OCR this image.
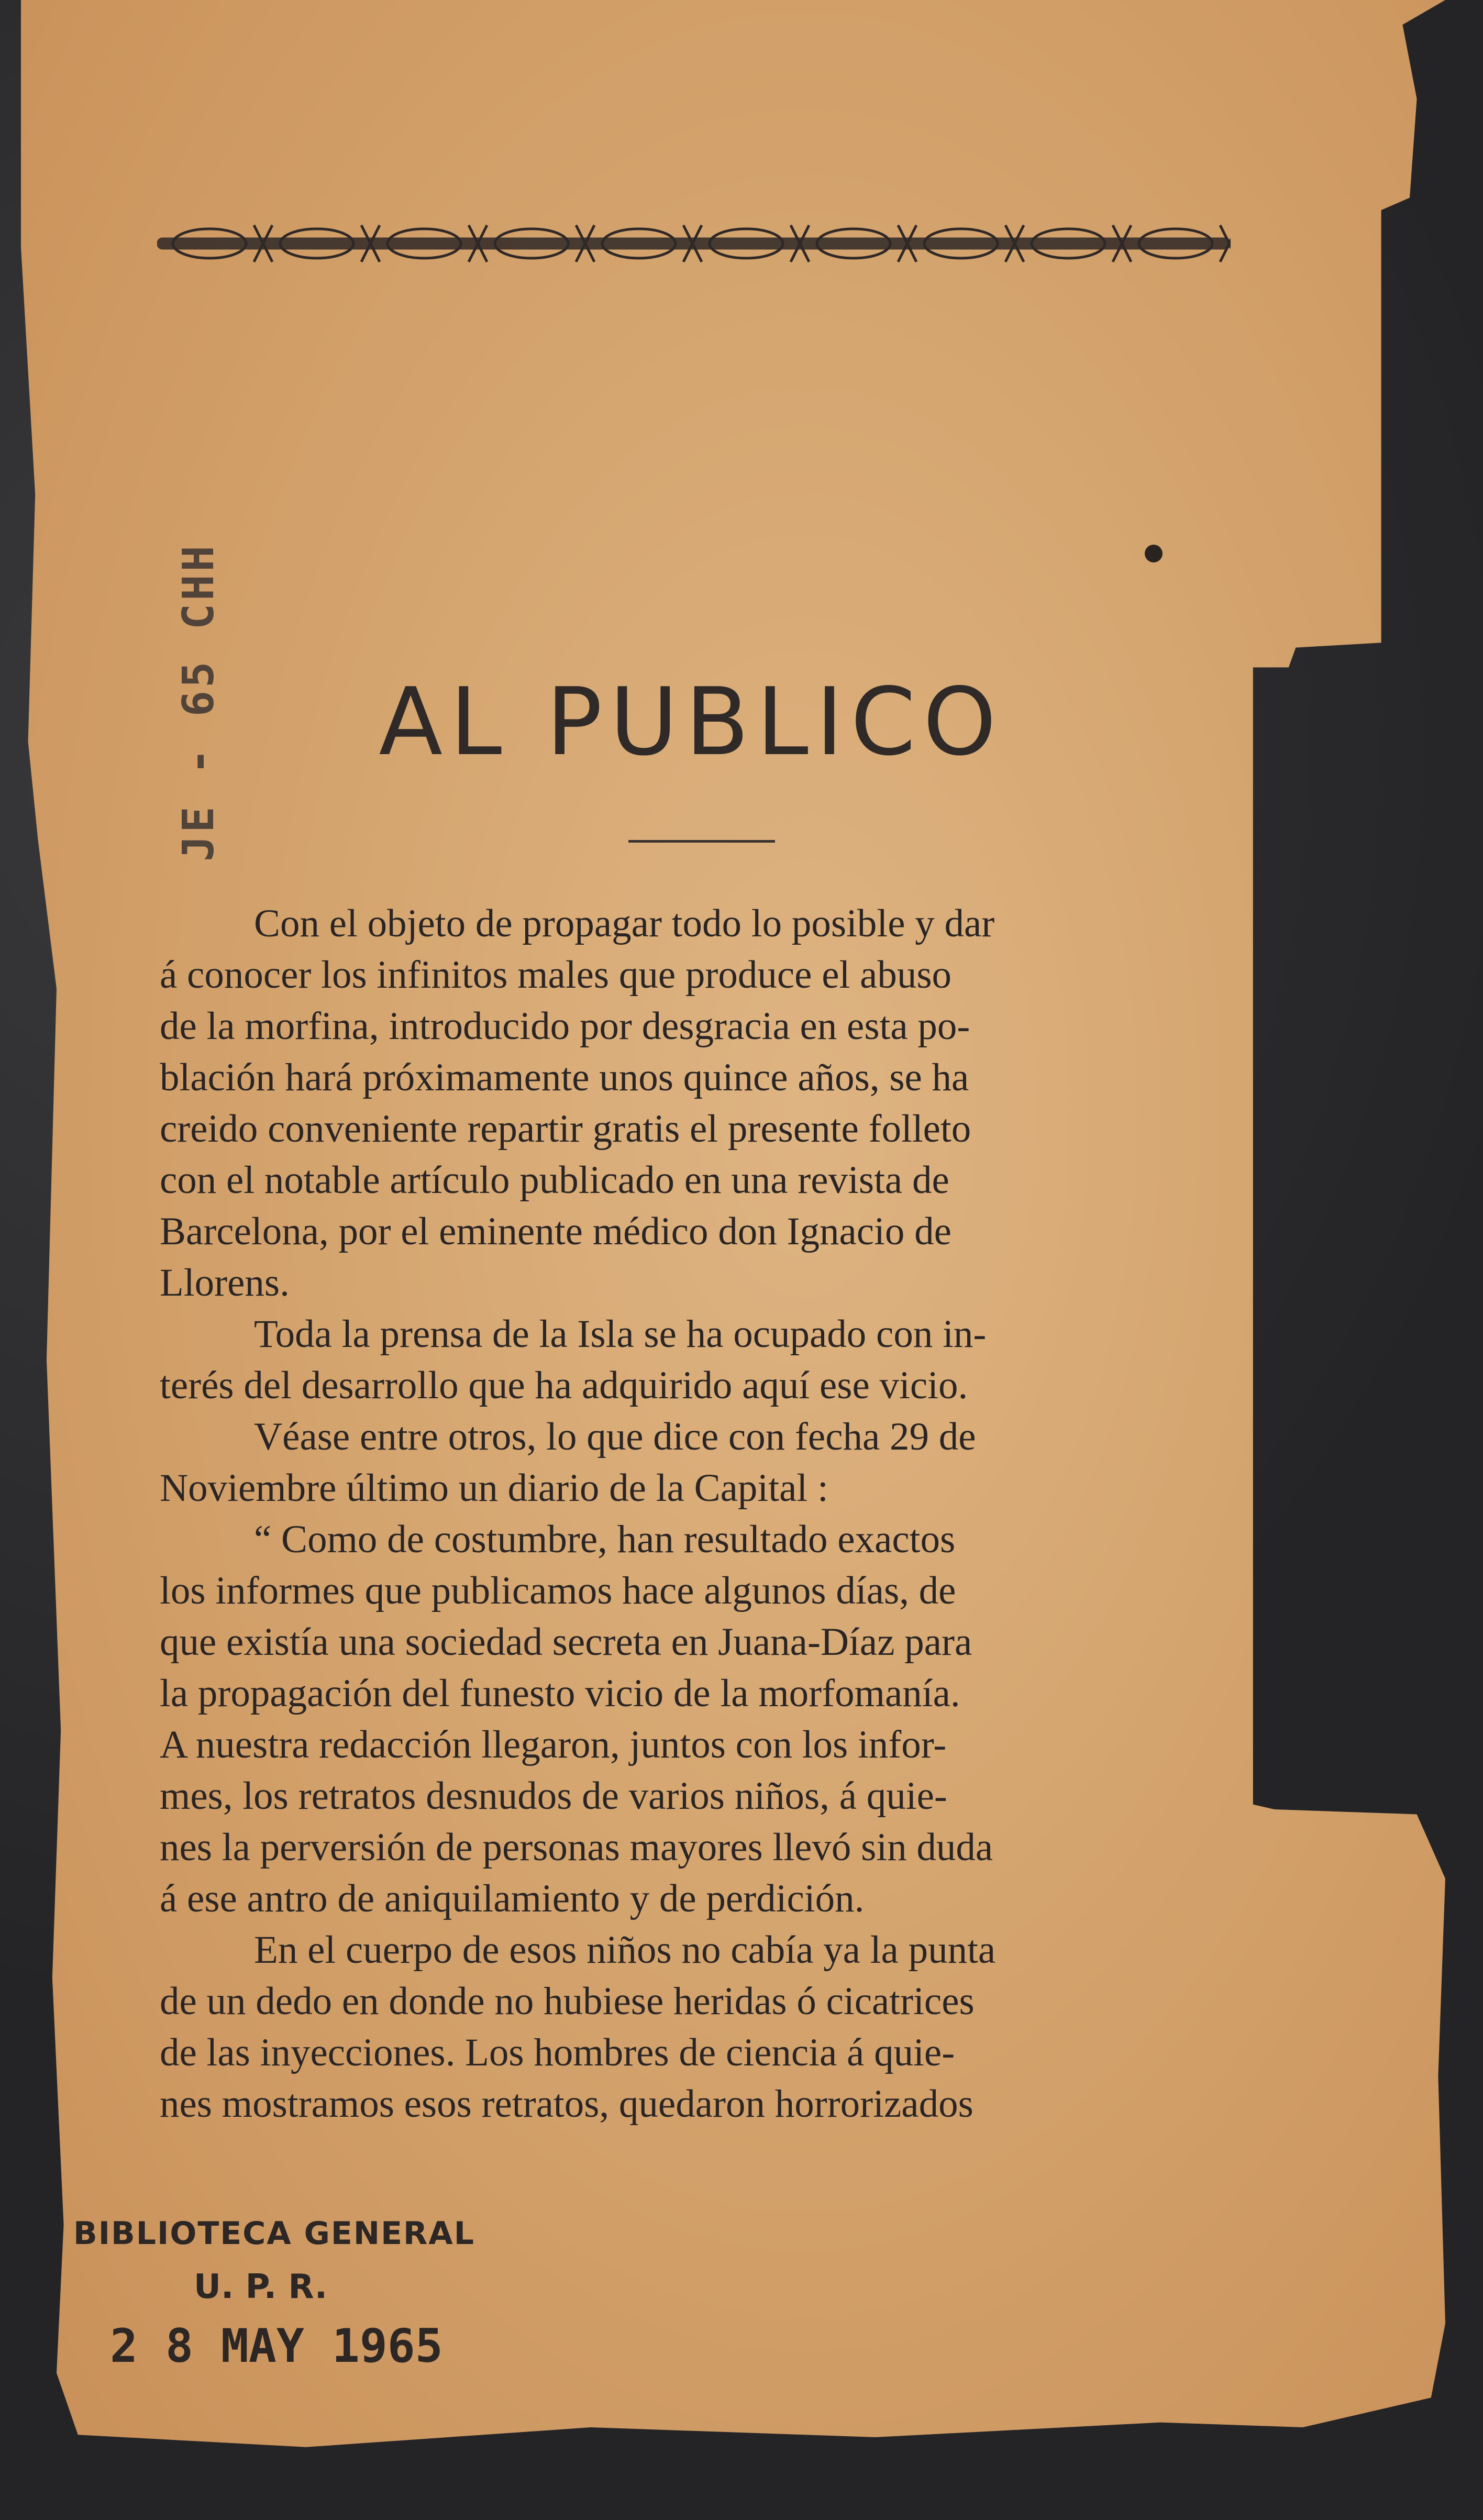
JE - 65 CHH	AL PUBLICO
Con el objeto de propagar todo lo posible y dar
á conocer los infinitos males que produce el abuso
de la morfina, introducido por desgracia en esta po-
blación hará próximamente unos quince años, se ha
creido conveniente repartir gratis el presente folleto
con el notable artículo publicado en una revista de
Barcelona, por el eminente médico don Ignacio de
Llorens.
Toda la prensa de la Isla se ha ocupado con in-
terés del desarrollo que ha adquirido aquí ese vicio.
Véase entre otros, lo que dice con fecha 29 de
Noviembre último un diario de la Capital :
“ Como de costumbre, han resultado exactos
los informes que publicamos hace algunos días, de
que existía una sociedad secreta en Juana-Díaz para
la propagación del funesto vicio de la morfomanía.
A nuestra redacción llegaron, juntos con los infor-
mes, los retratos desnudos de varios niños, á quie-
nes la perversión de personas mayores llevó sin duda
á ese antro de aniquilamiento y de perdición.
En el cuerpo de esos niños no cabía ya la punta
de un dedo en donde no hubiese heridas ó cicatrices
de las inyecciones. Los hombres de ciencia á quie-
nes mostramos esos retratos, quedaron horrorizados
BIBLIOTECA GENERAL
U. P. R.
2 8 MAY 1965
